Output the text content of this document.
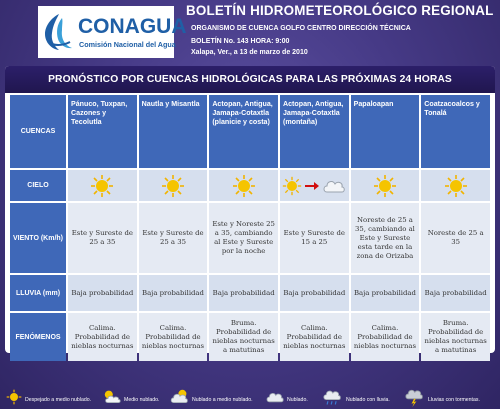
CONAGUA
Comisión Nacional del Agua
BOLETÍN HIDROMETEOROLÓGICO REGIONAL
ORGANISMO DE CUENCA GOLFO CENTRO DIRECCIÓN TÉCNICA
BOLETÍN No. 143 HORA: 9:00
Xalapa, Ver., a 13 de marzo de 2010
PRONÓSTICO POR CUENCAS HIDROLÓGICAS PARA LAS PRÓXIMAS 24 HORAS
CUENCAS	Pánuco, Tuxpan, Cazones y Tecolutla	Nautla y Misantla	Actopan, Antigua, Jamapa-Cotaxtla (planicie y costa)	Actopan, Antigua, Jamapa-Cotaxtla (montaña)	Papaloapan	Coatzacoalcos y Tonalá
CIELO						
VIENTO (Km/h)	Este y Sureste de 25 a 35	Este y Sureste de 25 a 35	Este y Noreste 25 a 35, cambiando al Este y Sureste por la noche	Este y Sureste de 15 a 25	Noreste de 25 a 35, cambiando al Este y Sureste esta tarde en la zona de Orizaba	Noreste de 25 a 35
LLUVIA (mm)	Baja probabilidad	Baja probabilidad	Baja probabilidad	Baja probabilidad	Baja probabilidad	Baja probabilidad
FENÓMENOS	Calima. Probabilidad de nieblas nocturnas	Calima. Probabilidad de nieblas nocturnas	Bruma. Probabilidad de nieblas nocturnas a matutinas	Calima. Probabilidad de nieblas nocturnas	Calima. Probabilidad de nieblas nocturnas	Bruma. Probabilidad de nieblas nocturnas a matutinas
Despejado a medio nublado.	Medio nublado.	Nublado a medio nublado.	Nublado.	Nublado con lluvia.	Lluvias con tormentas.
